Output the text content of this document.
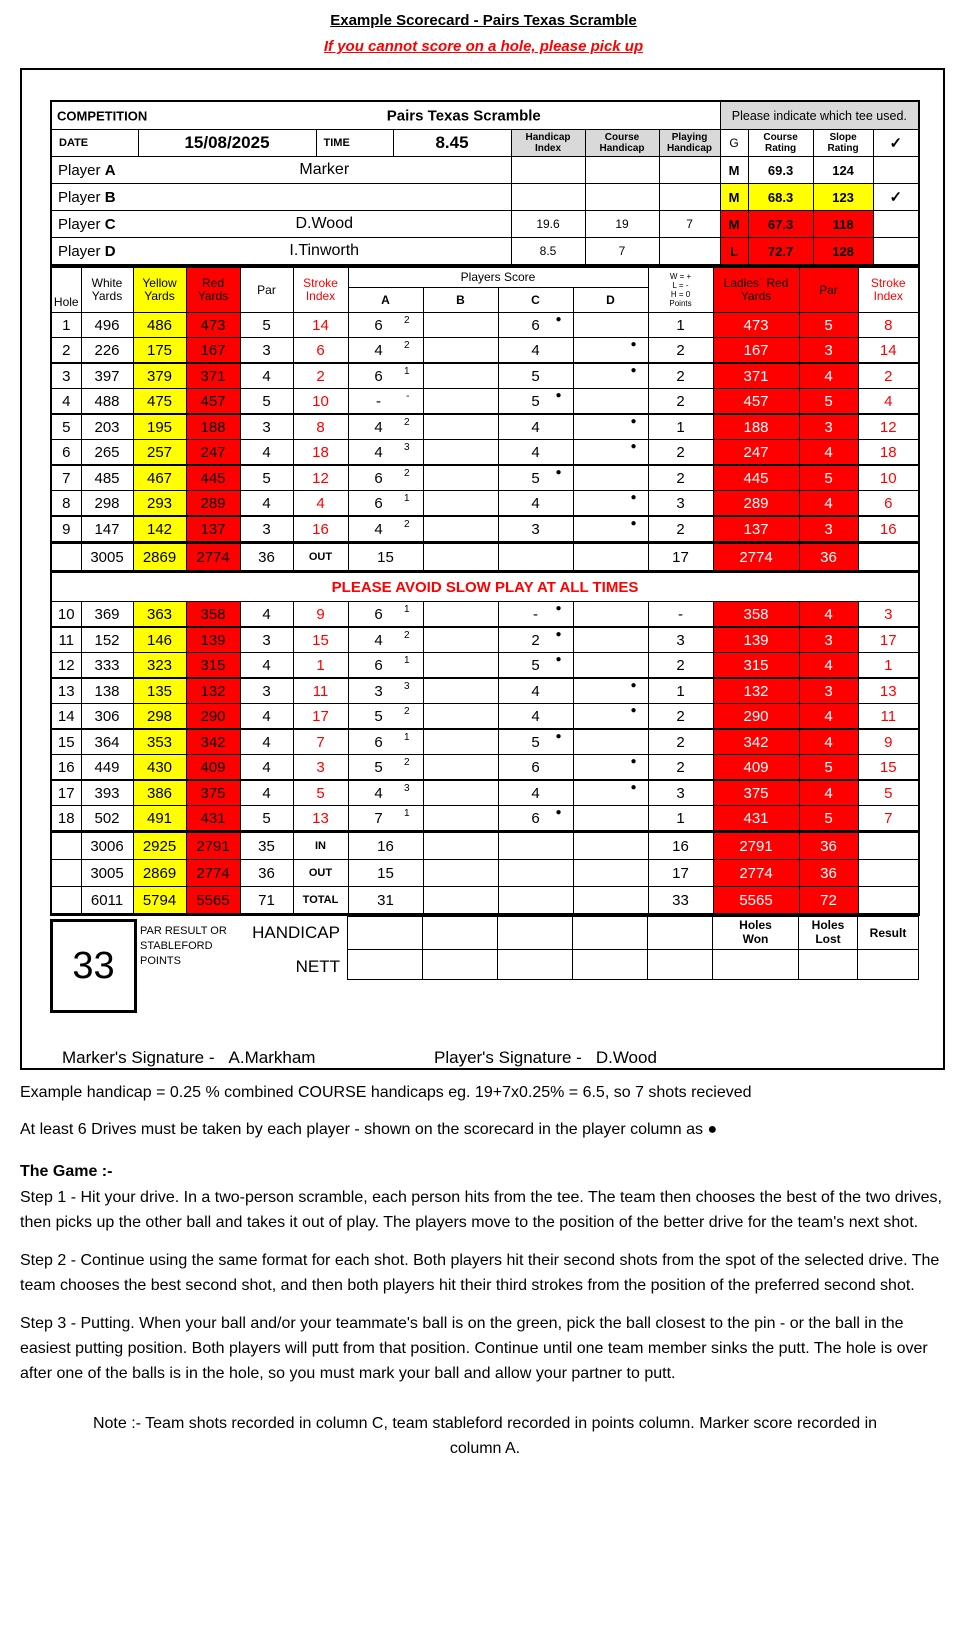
Example Scorecard - Pairs Texas Scramble
If you cannot score on a hole, please pick up
COMPETITION Pairs Texas Scramble							Please indicate which tee used.			
DATE	15/08/2025	TIME	8.45	Handicap Index	Course Handicap	Playing Handicap	G	Course Rating	Slope Rating	✓
Player A	Marker						M	69.3	124	
Player B							M	68.3	123	✓
Player C	D.Wood			19.6	19	7	M	67.3	118	
Player D	I.Tinworth			8.5	7		L	72.7	128	
Hole	White Yards	Yellow Yards	Red Yards	Par	Stroke Index	Players Score				W = +
L = -
H = 0
Points	Ladies` Red Yards	Par	Stroke Index
						A	B	C	D				
1	496	486	473	5	14	6 2		6 ●		1	473	5	8
2	226	175	167	3	6	4 2		4	●	2	167	3	14
3	397	379	371	4	2	6 1		5	●	2	371	4	2
4	488	475	457	5	10	- -		5 ●		2	457	5	4
5	203	195	188	3	8	4 2		4	●	1	188	3	12
6	265	257	247	4	18	4 3		4	●	2	247	4	18
7	485	467	445	5	12	6 2		5 ●		2	445	5	10
8	298	293	289	4	4	6 1		4	●	3	289	4	6
9	147	142	137	3	16	4 2		3	●	2	137	3	16
	3005	2869	2774	36	OUT	15				17	2774	36	
PLEASE AVOID SLOW PLAY AT ALL TIMES													
10	369	363	358	4	9	6 1		- ●		-	358	4	3
11	152	146	139	3	15	4 2		2 ●		3	139	3	17
12	333	323	315	4	1	6 1		5 ●		2	315	4	1
13	138	135	132	3	11	3 3		4	●	1	132	3	13
14	306	298	290	4	17	5 2		4	●	2	290	4	11
15	364	353	342	4	7	6 1		5 ●		2	342	4	9
16	449	430	409	4	3	5 2		6	●	2	409	5	15
17	393	386	375	4	5	4 3		4	●	3	375	4	5
18	502	491	431	5	13	7 1		6 ●		1	431	5	7
	3006	2925	2791	35	IN	16				16	2791	36	
	3005	2869	2774	36	OUT	15				17	2774	36	
	6011	5794	5565	71	TOTAL	31				33	5565	72	
33
PAR RESULT OR
STABLEFORD
POINTS
HANDICAP
NETT
					Holes Won	Holes Lost	Result

Marker's Signature - A.Markham	Player's Signature - D.Wood

Example handicap = 0.25 % combined COURSE handicaps eg. 19+7x0.25% = 6.5, so 7 shots recieved

At least 6 Drives must be taken by each player - shown on the scorecard in the player column as ●

The Game :-

Step 1 - Hit your drive. In a two-person scramble, each person hits from the tee. The team then chooses the best of the two drives, then picks up the other ball and takes it out of play. The players move to the position of the better drive for the team's next shot.

Step 2 - Continue using the same format for each shot. Both players hit their second shots from the spot of the selected drive. The team chooses the best second shot, and then both players hit their third strokes from the position of the preferred second shot.

Step 3 - Putting. When your ball and/or your teammate's ball is on the green, pick the ball closest to the pin - or the ball in the easiest putting position. Both players will putt from that position. Continue until one team member sinks the putt. The hole is over after one of the balls is in the hole, so you must mark your ball and allow your partner to putt.

Note :- Team shots recorded in column C, team stableford recorded in points column. Marker score recorded in column A.
